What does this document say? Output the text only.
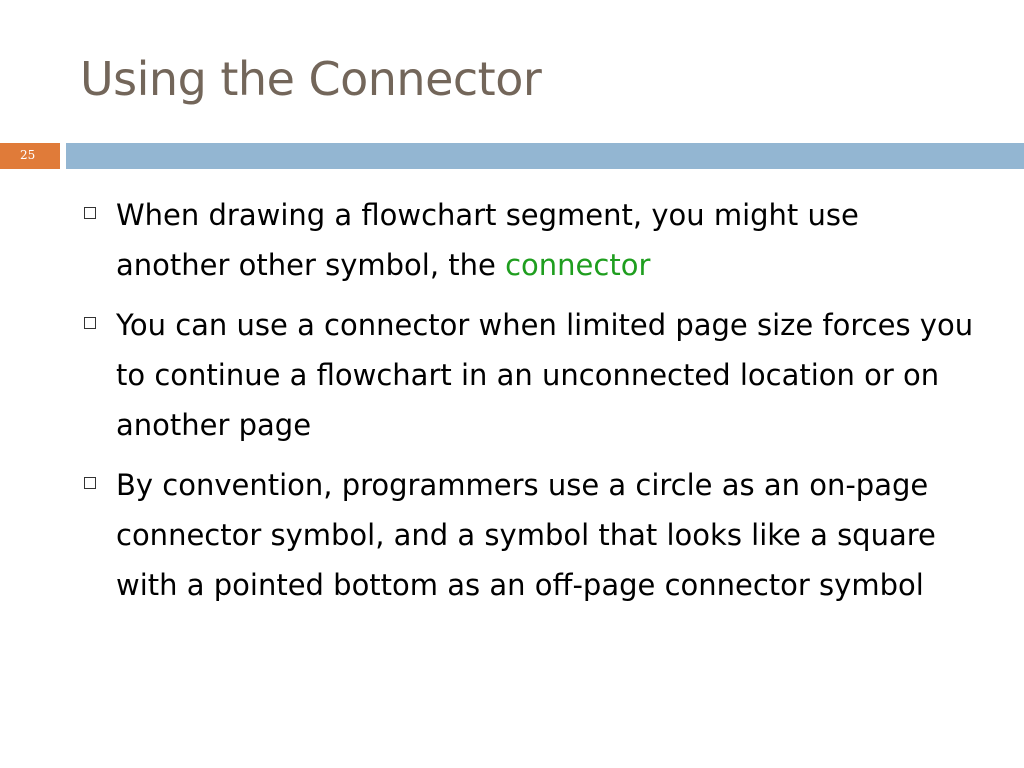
Using the Connector
25
When drawing a flowchart segment, you might use another other symbol, the connector
You can use a connector when limited page size forces you to continue a flowchart in an unconnected location or on another page
By convention, programmers use a circle as an on-page connector symbol, and a symbol that looks like a square with a pointed bottom as an off-page connector symbol
